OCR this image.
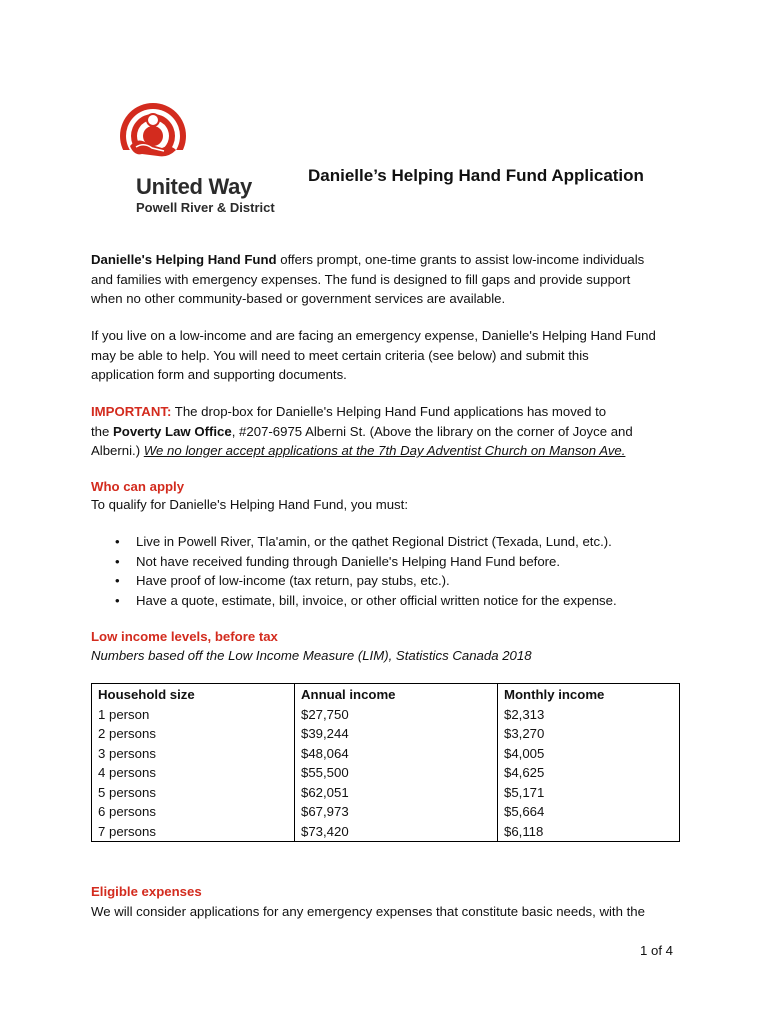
United Way
Powell River & District
Danielle’s Helping Hand Fund Application
Danielle's Helping Hand Fund offers prompt, one-time grants to assist low-income individuals
and families with emergency expenses. The fund is designed to fill gaps and provide support
when no other community-based or government services are available.
If you live on a low-income and are facing an emergency expense, Danielle's Helping Hand Fund
may be able to help. You will need to meet certain criteria (see below) and submit this
application form and supporting documents.
IMPORTANT: The drop-box for Danielle's Helping Hand Fund applications has moved to
the Poverty Law Office, #207-6975 Alberni St. (Above the library on the corner of Joyce and
Alberni.) We no longer accept applications at the 7th Day Adventist Church on Manson Ave.
Who can apply
To qualify for Danielle's Helping Hand Fund, you must:
• Live in Powell River, Tla'amin, or the qathet Regional District (Texada, Lund, etc.).
• Not have received funding through Danielle's Helping Hand Fund before.
• Have proof of low-income (tax return, pay stubs, etc.).
• Have a quote, estimate, bill, invoice, or other official written notice for the expense.
Low income levels, before tax
Numbers based off the Low Income Measure (LIM), Statistics Canada 2018
Household size	Annual income	Monthly income
1 person	$27,750	$2,313
2 persons	$39,244	$3,270
3 persons	$48,064	$4,005
4 persons	$55,500	$4,625
5 persons	$62,051	$5,171
6 persons	$67,973	$5,664
7 persons	$73,420	$6,118
Eligible expenses
We will consider applications for any emergency expenses that constitute basic needs, with the
1 of 4
